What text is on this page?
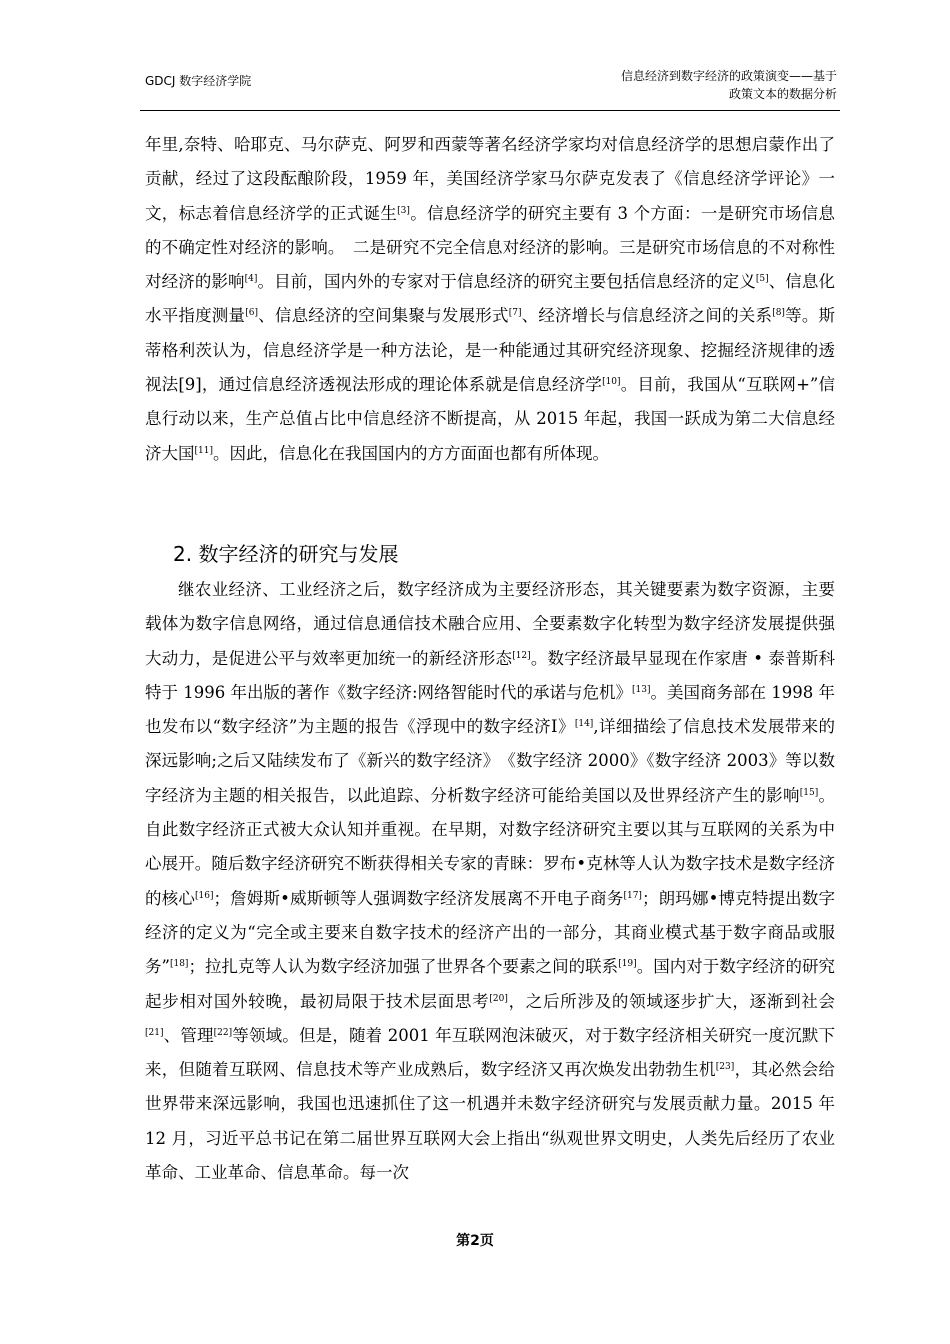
GDCJ 数字经济学院	信息经济到数字经济的政策演变——基于
政策文本的数据分析

年里,奈特、哈耶克、马尔萨克、阿罗和西蒙等著名经济学家均对信息经济学的思想启蒙作出了贡献，经过了这段酝酿阶段，1959 年，美国经济学家马尔萨克发表了《信息经济学评论》一文，标志着信息经济学的正式诞生[3]。信息经济学的研究主要有 3 个方面：一是研究市场信息的不确定性对经济的影响。　二是研究不完全信息对经济的影响。三是研究市场信息的不对称性对经济的影响[4]。目前，国内外的专家对于信息经济的研究主要包括信息经济的定义[5]、信息化水平指度测量[6]、信息经济的空间集聚与发展形式[7]、经济增长与信息经济之间的关系[8]等。斯蒂格利茨认为，信息经济学是一种方法论，是一种能通过其研究经济现象、挖掘经济规律的透视法[9]，通过信息经济透视法形成的理论体系就是信息经济学[10]。目前，我国从“互联网+”信息行动以来，生产总值占比中信息经济不断提高，从 2015 年起，我国一跃成为第二大信息经济大国[11]。因此，信息化在我国国内的方方面面也都有所体现。

2. 数字经济的研究与发展

继农业经济、工业经济之后，数字经济成为主要经济形态，其关键要素为数字资源，主要载体为数字信息网络，通过信息通信技术融合应用、全要素数字化转型为数字经济发展提供强大动力，是促进公平与效率更加统一的新经济形态[12]。数字经济最早显现在作家唐 • 泰普斯科特于 1996 年出版的著作《数字经济:网络智能时代的承诺与危机》[13]。美国商务部在 1998 年也发布以“数字经济”为主题的报告《浮现中的数字经济Ⅰ》[14],详细描绘了信息技术发展带来的深远影响;之后又陆续发布了《新兴的数字经济》　《数字经济 2000》《数字经济 2003》等以数字经济为主题的相关报告，以此追踪、分析数字经济可能给美国以及世界经济产生的影响[15]。自此数字经济正式被大众认知并重视。在早期，对数字经济研究主要以其与互联网的关系为中心展开。随后数字经济研究不断获得相关专家的青睐：罗布•克林等人认为数字技术是数字经济的核心[16]；詹姆斯•威斯顿等人强调数字经济发展离不开电子商务[17]；朗玛娜•博克特提出数字经济的定义为“完全或主要来自数字技术的经济产出的一部分，其商业模式基于数字商品或服务”[18]；拉扎克等人认为数字经济加强了世界各个要素之间的联系[19]。国内对于数字经济的研究起步相对国外较晚，最初局限于技术层面思考[20]，之后所涉及的领域逐步扩大，逐渐到社会[21]、管理[22]等领域。但是，随着 2001 年互联网泡沫破灭，对于数字经济相关研究一度沉默下来，但随着互联网、信息技术等产业成熟后，数字经济又再次焕发出勃勃生机[23]，其必然会给世界带来深远影响，我国也迅速抓住了这一机遇并未数字经济研究与发展贡献力量。2015 年 12 月，习近平总书记在第二届世界互联网大会上指出“纵观世界文明史，人类先后经历了农业革命、工业革命、信息革命。每一次

第2页
